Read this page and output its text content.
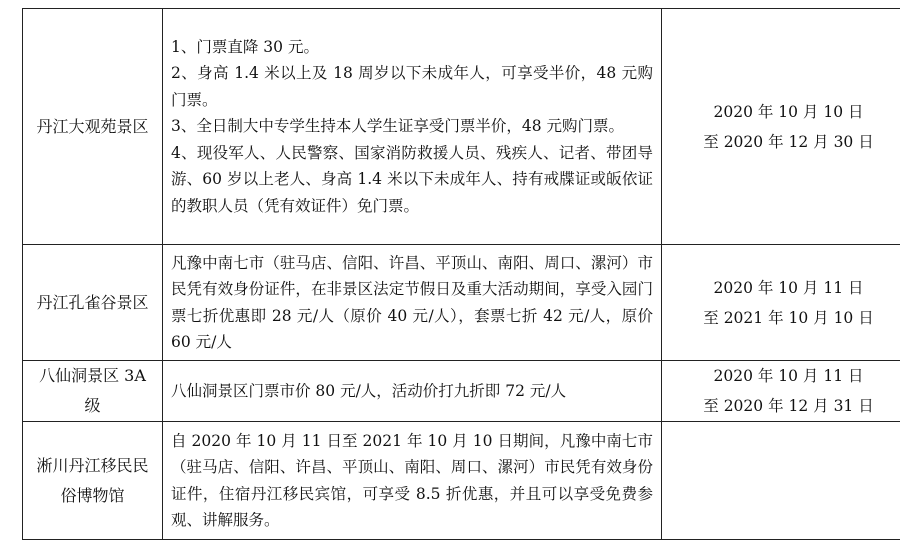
丹江大观苑景区	1、门票直降 30 元。
2、身高 1.4 米以上及 18 周岁以下未成年人，可享受半价，48 元购门票。
3、全日制大中专学生持本人学生证享受门票半价，48 元购门票。
4、现役军人、人民警察、国家消防救援人员、残疾人、记者、带团导游、60 岁以上老人、身高 1.4 米以下未成年人、持有戒牒证或皈依证的教职人员（凭有效证件）免门票。	2020 年 10 月 10 日
至 2020 年 12 月 30 日

丹江孔雀谷景区	凡豫中南七市（驻马店、信阳、许昌、平顶山、南阳、周口、漯河）市民凭有效身份证件，在非景区法定节假日及重大活动期间，享受入园门票七折优惠即 28 元/人（原价 40 元/人），套票七折 42 元/人，原价 60 元/人	2020 年 10 月 11 日
至 2021 年 10 月 10 日

八仙洞景区 3A 级	八仙洞景区门票市价 80 元/人，活动价打九折即 72 元/人	2020 年 10 月 11 日
至 2020 年 12 月 31 日

淅川丹江移民民俗博物馆	自 2020 年 10 月 11 日至 2021 年 10 月 10 日期间，凡豫中南七市（驻马店、信阳、许昌、平顶山、南阳、周口、漯河）市民凭有效身份证件，住宿丹江移民宾馆，可享受 8.5 折优惠，并且可以享受免费参观、讲解服务。	
